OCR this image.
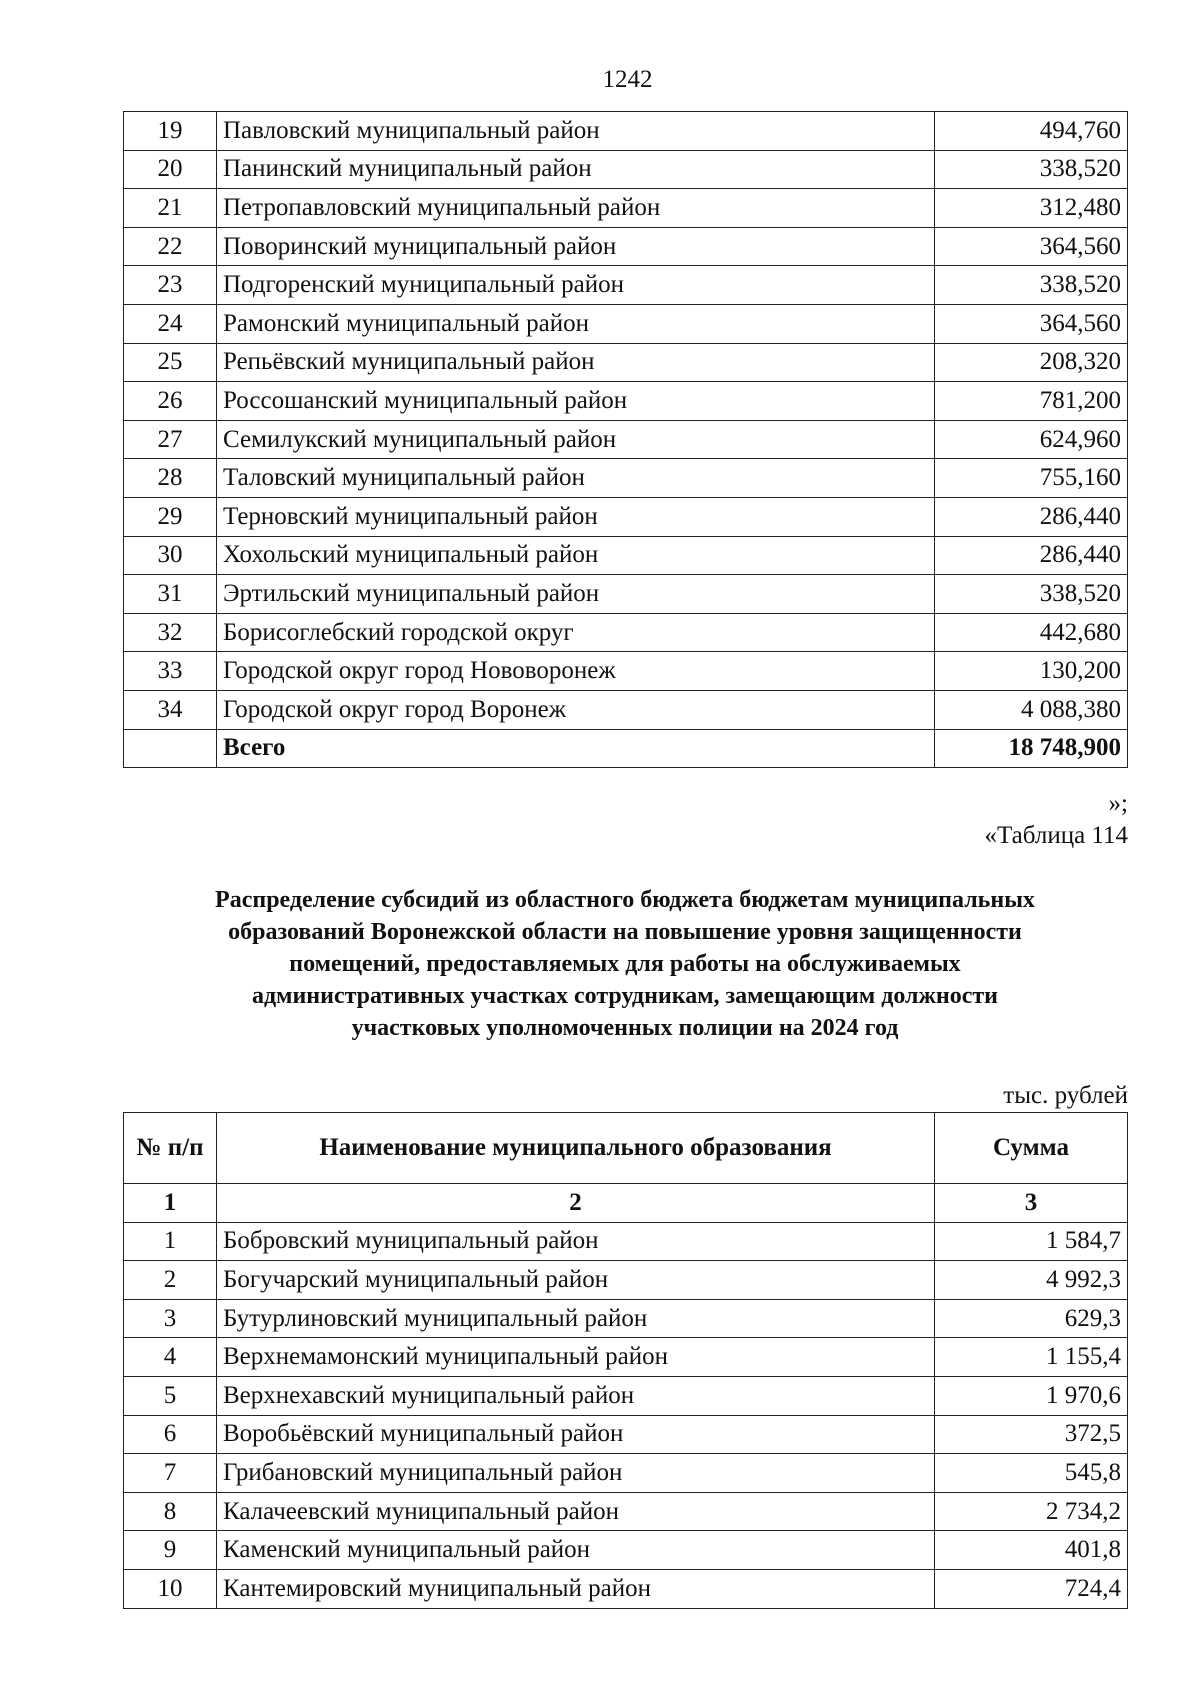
1242
19	Павловский муниципальный район	494,760
20	Панинский муниципальный район	338,520
21	Петропавловский муниципальный район	312,480
22	Поворинский муниципальный район	364,560
23	Подгоренский муниципальный район	338,520
24	Рамонский муниципальный район	364,560
25	Репьёвский муниципальный район	208,320
26	Россошанский муниципальный район	781,200
27	Семилукский муниципальный район	624,960
28	Таловский муниципальный район	755,160
29	Терновский муниципальный район	286,440
30	Хохольский муниципальный район	286,440
31	Эртильский муниципальный район	338,520
32	Борисоглебский городской округ	442,680
33	Городской округ город Нововоронеж	130,200
34	Городской округ город Воронеж	4 088,380
	Всего	18 748,900
»;
«Таблица 114
Распределение субсидий из областного бюджета бюджетам муниципальных
образований Воронежской области на повышение уровня защищенности
помещений, предоставляемых для работы на обслуживаемых
административных участках сотрудникам, замещающим должности
участковых уполномоченных полиции на 2024 год
тыс. рублей
№ п/п	Наименование муниципального образования	Сумма
1	2	3
1	Бобровский муниципальный район	1 584,7
2	Богучарский муниципальный район	4 992,3
3	Бутурлиновский муниципальный район	629,3
4	Верхнемамонский муниципальный район	1 155,4
5	Верхнехавский муниципальный район	1 970,6
6	Воробьёвский муниципальный район	372,5
7	Грибановский муниципальный район	545,8
8	Калачеевский муниципальный район	2 734,2
9	Каменский муниципальный район	401,8
10	Кантемировский муниципальный район	724,4
